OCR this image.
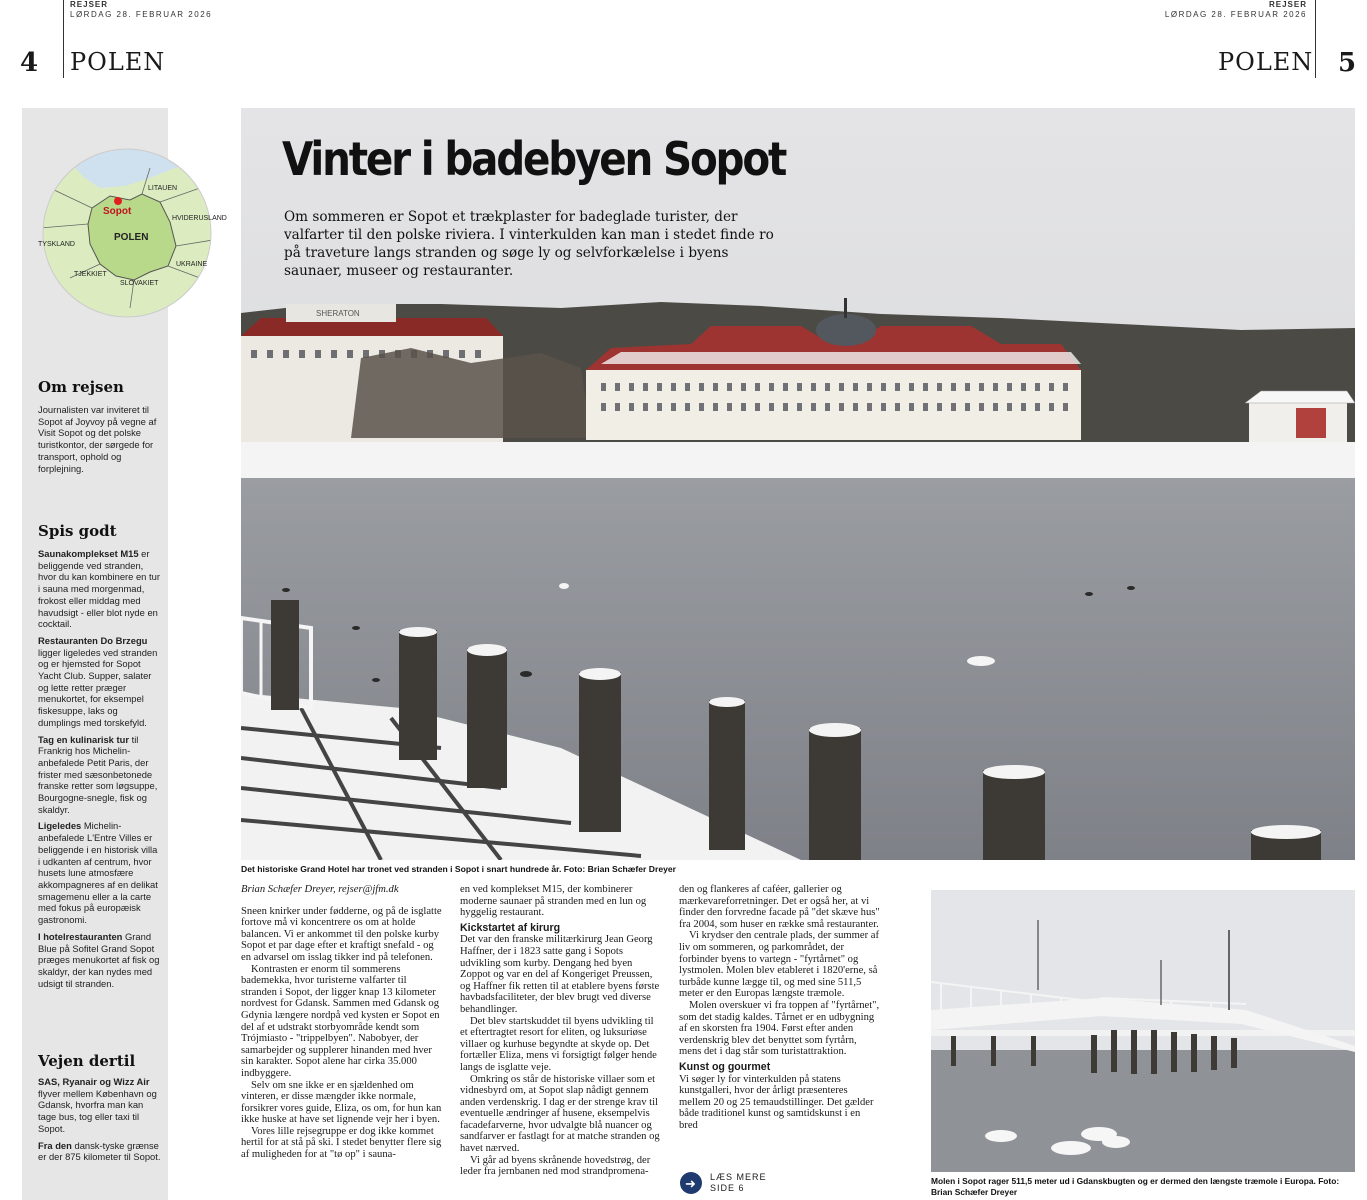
REJSER
LØRDAG 28. FEBRUAR 2026
REJSER
LØRDAG 28. FEBRUAR 2026
4 POLEN	POLEN 5
LITAUEN
Sopot
HVIDERUSLAND
TYSKLAND
POLEN
UKRAINE
TJEKKIET
SLOVAKIET
Om rejsen

Journalisten var inviteret til Sopot af Joyvoy på vegne af Visit Sopot og det polske turistkontor, der sørgede for transport, ophold og forplejning.

Spis godt

Saunakomplekset M15 er beliggende ved stranden, hvor du kan kombinere en tur i sauna med morgenmad, frokost eller middag med havudsigt - eller blot nyde en cocktail.

Restauranten Do Brzegu ligger ligeledes ved stranden og er hjemsted for Sopot Yacht Club. Supper, salater og lette retter præger menukortet, for eksempel fiskesuppe, laks og dumplings med torskefyld.

Tag en kulinarisk tur til Frankrig hos Michelin-anbefalede Petit Paris, der frister med sæsonbetonede franske retter som løgsuppe, Bourgogne-snegle, fisk og skaldyr.

Ligeledes Michelin-anbefalede L'Entre Villes er beliggende i en historisk villa i udkanten af centrum, hvor husets lune atmosfære akkompagneres af en delikat smagemenu eller a la carte med fokus på europæisk gastronomi.

I hotelrestauranten Grand Blue på Sofitel Grand Sopot præges menukortet af fisk og skaldyr, der kan nydes med udsigt til stranden.

Vejen dertil

SAS, Ryanair og Wizz Air flyver mellem København og Gdansk, hvorfra man kan tage bus, tog eller taxi til Sopot.

Fra den dansk-tyske grænse er der 875 kilometer til Sopot.

SHERATON
Vinter i badebyen Sopot
Om sommeren er Sopot et trækplaster for badeglade turister, der valfarter til den polske riviera. I vinterkulden kan man i stedet finde ro på traveture langs stranden og søge ly og selvforkælelse i byens saunaer, museer og restauranter.
Det historiske Grand Hotel har tronet ved stranden i Sopot i snart hundrede år. Foto: Brian Schæfer Dreyer

Brian Schæfer Dreyer, rejser@jfm.dk

Sneen knirker under fødderne, og på de isglatte fortove må vi koncentrere os om at holde balancen. Vi er ankommet til den polske kurby Sopot et par dage efter et kraftigt snefald - og en advarsel om isslag tikker ind på telefonen.

Kontrasten er enorm til sommerens bademekka, hvor turisterne valfarter til stranden i Sopot, der ligger knap 13 kilometer nordvest for Gdansk. Sammen med Gdansk og Gdynia længere nordpå ved kysten er Sopot en del af et udstrakt storbyområde kendt som Trójmiasto - "trippelbyen". Nabobyer, der samarbejder og supplerer hinanden med hver sin karakter. Sopot alene har cirka 35.000 indbyggere.

Selv om sne ikke er en sjældenhed om vinteren, er disse mængder ikke normale, forsikrer vores guide, Eliza, os om, for hun kan ikke huske at have set lignende vejr her i byen.

Vores lille rejsegruppe er dog ikke kommet hertil for at stå på ski. I stedet benytter flere sig af muligheden for at "tø op" i sauna-

en ved komplekset M15, der kombinerer moderne saunaer på stranden med en lun og hyggelig restaurant.

Kickstartet af kirurg

Det var den franske militærkirurg Jean Georg Haffner, der i 1823 satte gang i Sopots udvikling som kurby. Dengang hed byen Zoppot og var en del af Kongeriget Preussen, og Haffner fik retten til at etablere byens første havbadsfaciliteter, der blev brugt ved diverse behandlinger.

Det blev startskuddet til byens udvikling til et eftertragtet resort for eliten, og luksuriøse villaer og kurhuse begyndte at skyde op. Det fortæller Eliza, mens vi forsigtigt følger hende langs de isglatte veje.

Omkring os står de historiske villaer som et vidnesbyrd om, at Sopot slap nådigt gennem anden verdenskrig. I dag er der strenge krav til eventuelle ændringer af husene, eksempelvis facadefarverne, hvor udvalgte blå nuancer og sandfarver er fastlagt for at matche stranden og havet nærved.

Vi går ad byens skrånende hovedstrøg, der leder fra jernbanen ned mod strandpromena-

den og flankeres af caféer, gallerier og mærkevareforretninger. Det er også her, at vi finder den forvredne facade på "det skæve hus" fra 2004, som huser en række små restauranter.

Vi krydser den centrale plads, der summer af liv om sommeren, og parkområdet, der forbinder byens to vartegn - "fyrtårnet" og lystmolen. Molen blev etableret i 1820'erne, så turbåde kunne lægge til, og med sine 511,5 meter er den Europas længste træmole.

Molen overskuer vi fra toppen af "fyrtårnet", som det stadig kaldes. Tårnet er en udbygning af en skorsten fra 1904. Først efter anden verdenskrig blev det benyttet som fyrtårn, mens det i dag står som turistattraktion.

Kunst og gourmet

Vi søger ly for vinterkulden på statens kunstgalleri, hvor der årligt præsenteres mellem 20 og 25 temaudstillinger. Det gælder både traditionel kunst og samtidskunst i en bred

➜	LÆS MERE
SIDE 6
Molen i Sopot rager 511,5 meter ud i Gdanskbugten og er dermed den længste træmole i Europa. Foto: Brian Schæfer Dreyer
